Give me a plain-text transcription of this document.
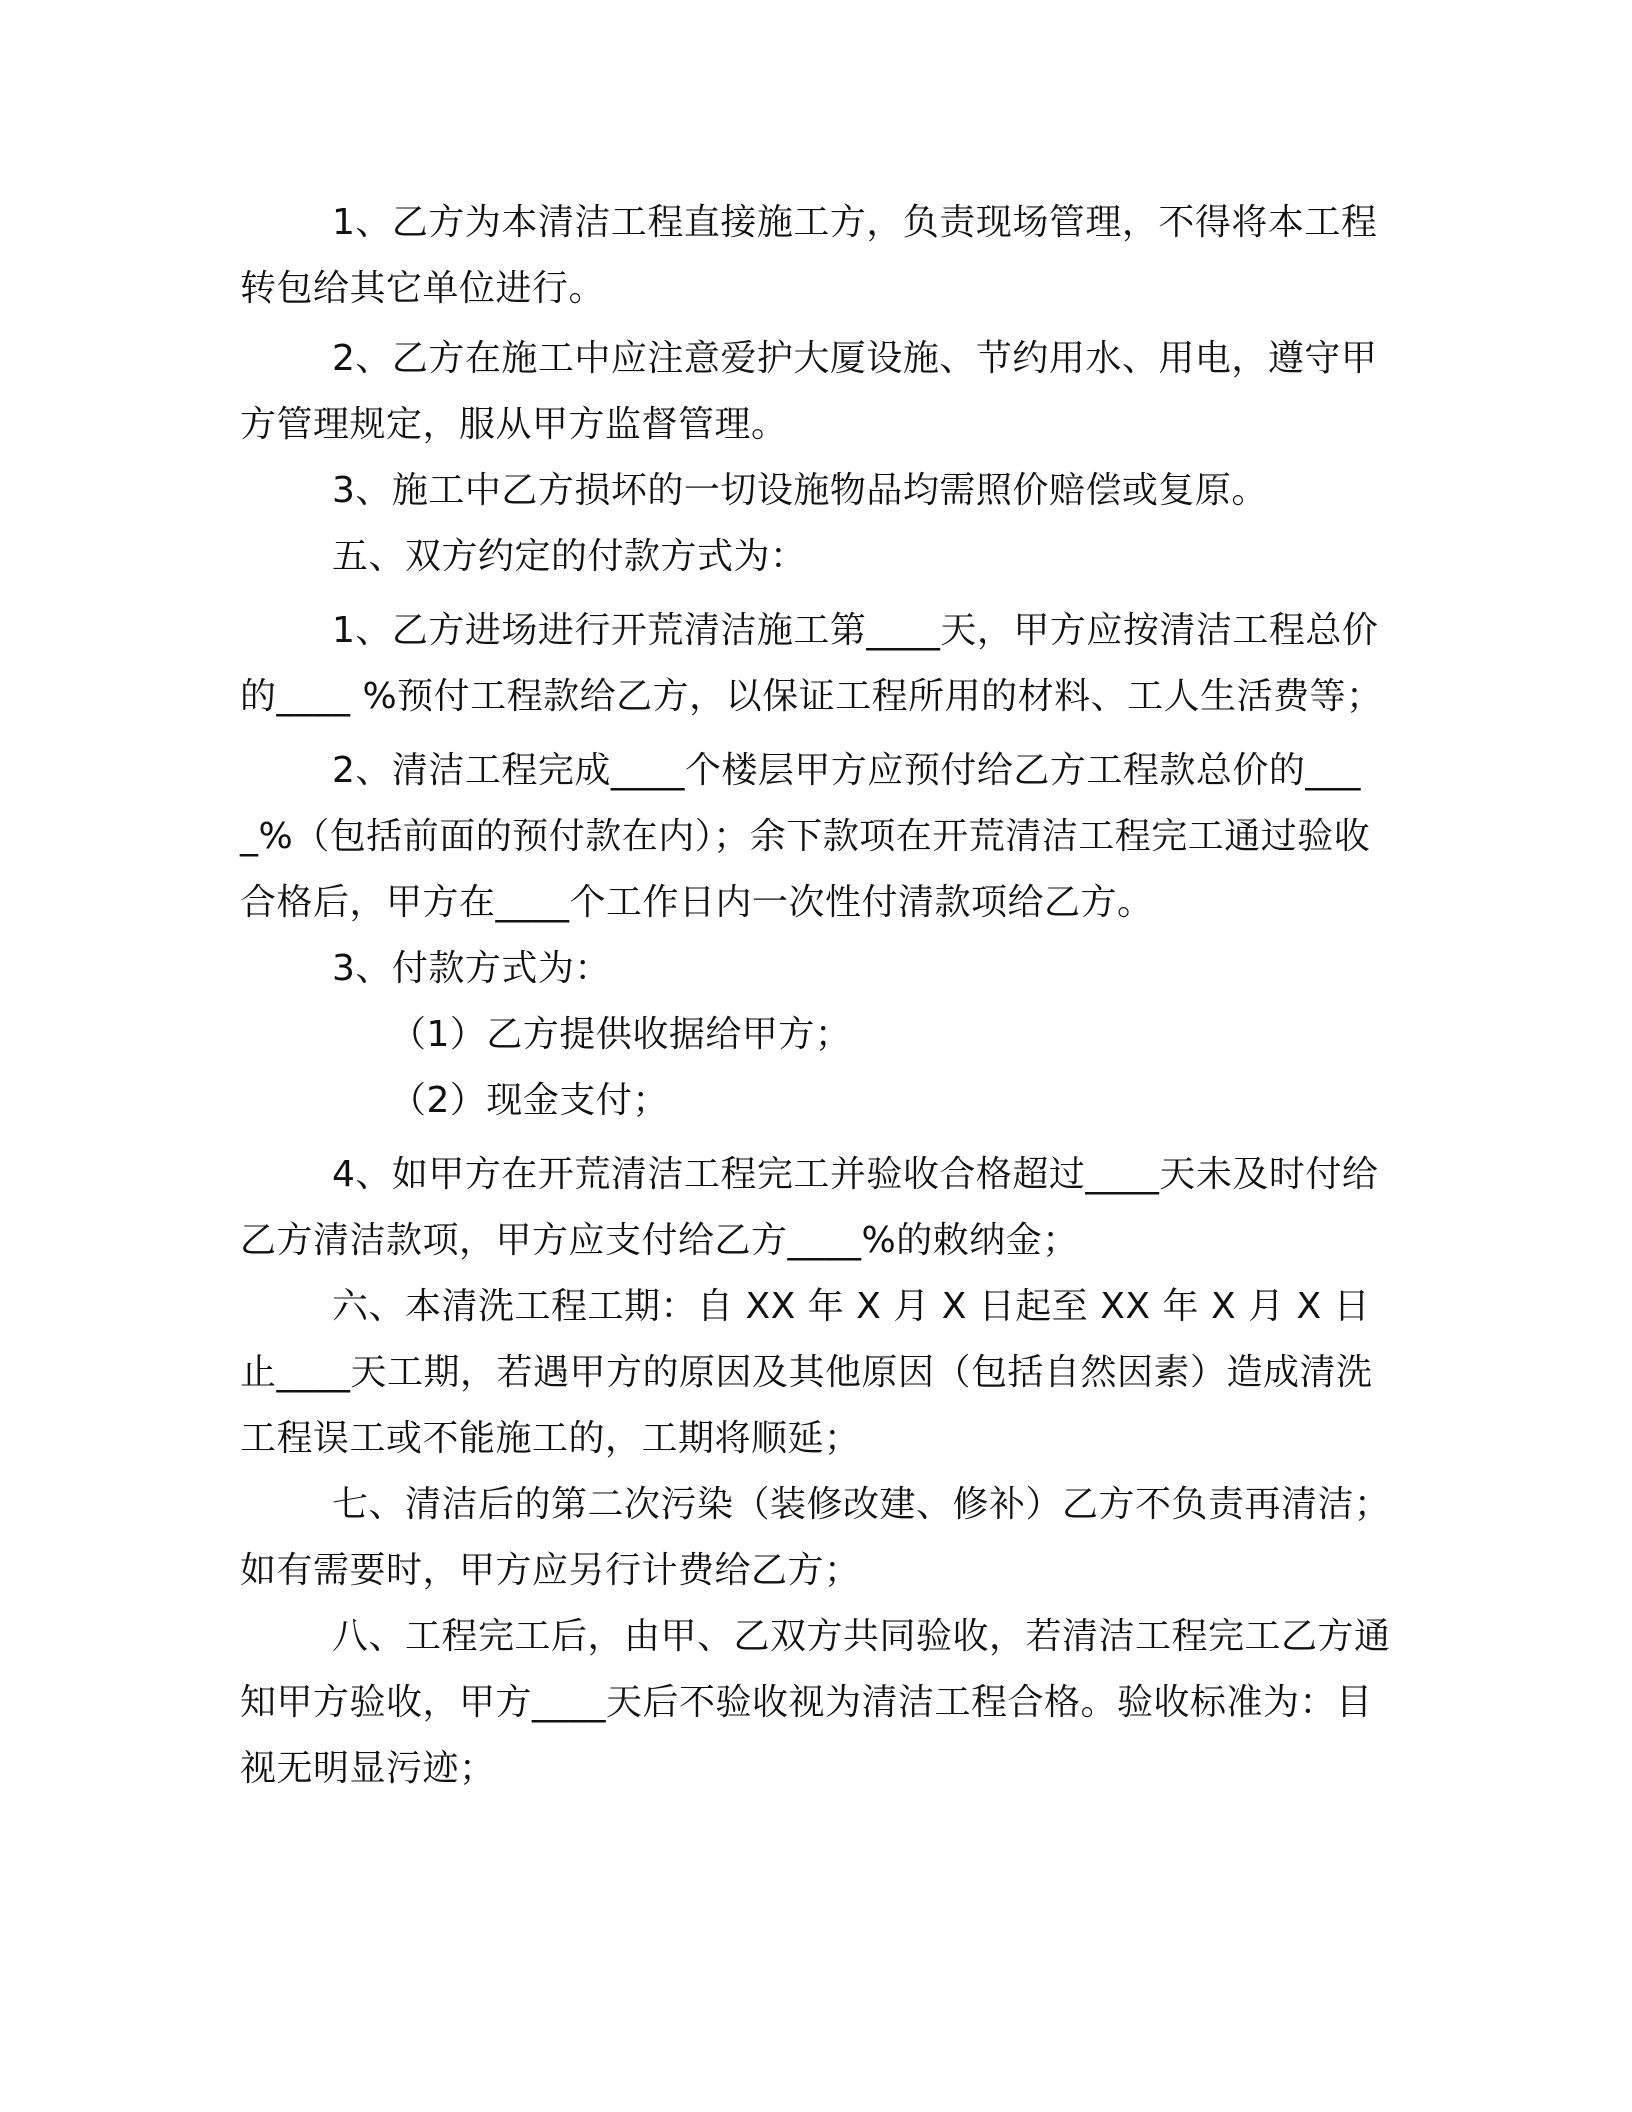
1、乙方为本清洁工程直接施工方，负责现场管理，不得将本工程转包给其它单位进行。

2、乙方在施工中应注意爱护大厦设施、节约用水、用电，遵守甲方管理规定，服从甲方监督管理。

3、施工中乙方损坏的一切设施物品均需照价赔偿或复原。

五、双方约定的付款方式为：

1、乙方进场进行开荒清洁施工第____天，甲方应按清洁工程总价的____ %预付工程款给乙方，以保证工程所用的材料、工人生活费等；

2、清洁工程完成____个楼层甲方应预付给乙方工程款总价的____%（包括前面的预付款在内）；余下款项在开荒清洁工程完工通过验收合格后，甲方在____个工作日内一次性付清款项给乙方。

3、付款方式为：

（1）乙方提供收据给甲方；

（2）现金支付；

4、如甲方在开荒清洁工程完工并验收合格超过____天未及时付给乙方清洁款项，甲方应支付给乙方____%的敕纳金；

六、本清洗工程工期：自 XX 年 X 月 X 日起至 XX 年 X 月 X 日止____天工期，若遇甲方的原因及其他原因（包括自然因素）造成清洗工程误工或不能施工的，工期将顺延；

七、清洁后的第二次污染（装修改建、修补）乙方不负责再清洁；如有需要时，甲方应另行计费给乙方；

八、工程完工后，由甲、乙双方共同验收，若清洁工程完工乙方通知甲方验收，甲方____天后不验收视为清洁工程合格。验收标准为：目视无明显污迹；
